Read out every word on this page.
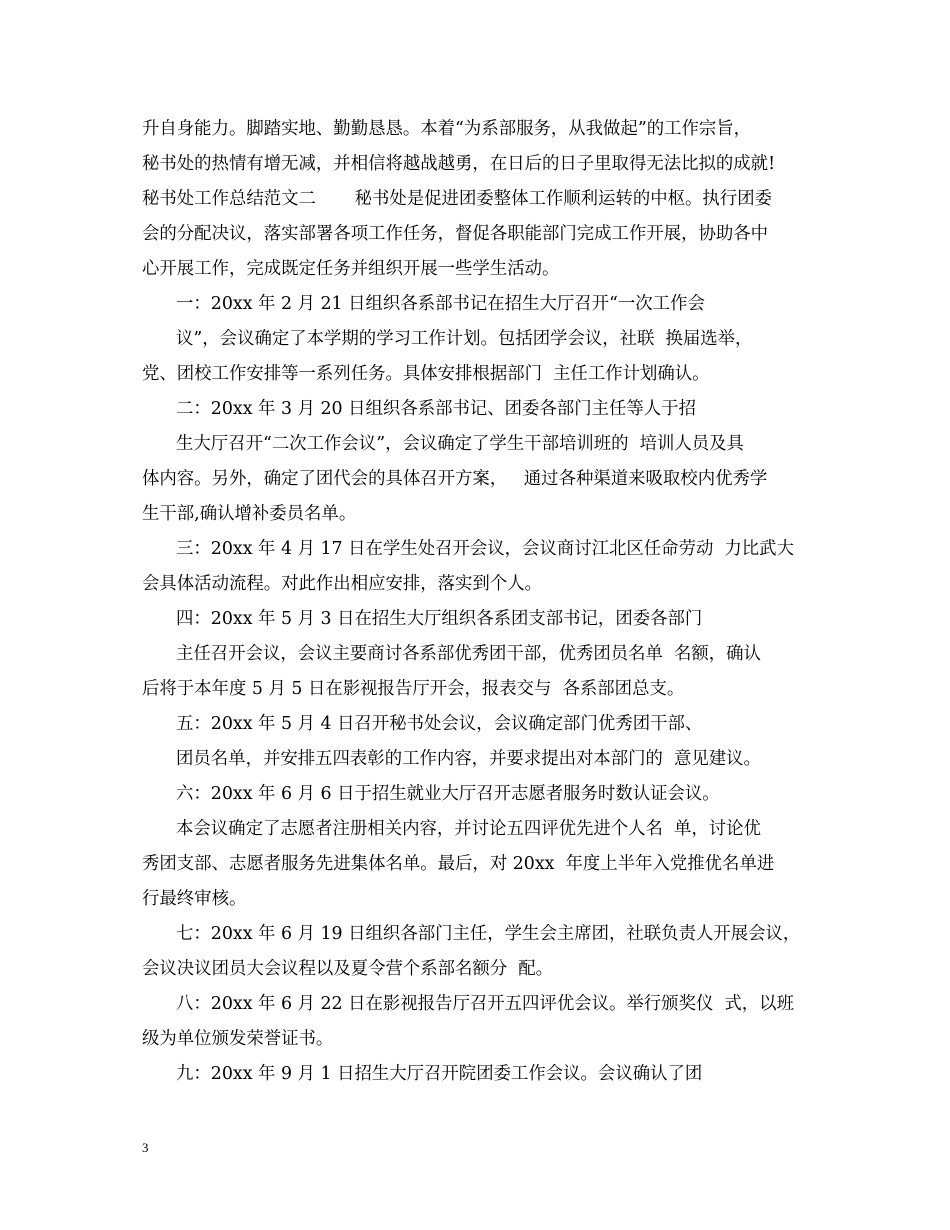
升自身能力。脚踏实地、勤勤恳恳。本着“为系部服务，从我做起”的工作宗旨，
秘书处的热情有增无减，并相信将越战越勇，在日后的日子里取得无法比拟的成就!
秘书处工作总结范文二       秘书处是促进团委整体工作顺利运转的中枢。执行团委
会的分配决议，落实部署各项工作任务，督促各职能部门完成工作开展，协助各中
心开展工作，完成既定任务并组织开展一些学生活动。
一：20xx 年 2 月 21 日组织各系部书记在招生大厅召开“一次工作会
议”，会议确定了本学期的学习工作计划。包括团学会议，社联  换届选举，
党、团校工作安排等一系列任务。具体安排根据部门  主任工作计划确认。
二：20xx 年 3 月 20 日组织各系部书记、团委各部门主任等人于招
生大厅召开“二次工作会议”，会议确定了学生干部培训班的  培训人员及具
体内容。另外，确定了团代会的具体召开方案，   通过各种渠道来吸取校内优秀学
生干部,确认增补委员名单。
三：20xx 年 4 月 17 日在学生处召开会议，会议商讨江北区任命劳动  力比武大
会具体活动流程。对此作出相应安排，落实到个人。
四：20xx 年 5 月 3 日在招生大厅组织各系团支部书记，团委各部门
主任召开会议，会议主要商讨各系部优秀团干部，优秀团员名单  名额，确认
后将于本年度 5 月 5 日在影视报告厅开会，报表交与  各系部团总支。
五：20xx 年 5 月 4 日召开秘书处会议，会议确定部门优秀团干部、
团员名单，并安排五四表彰的工作内容，并要求提出对本部门的  意见建议。
六：20xx 年 6 月 6 日于招生就业大厅召开志愿者服务时数认证会议。
本会议确定了志愿者注册相关内容，并讨论五四评优先进个人名  单，讨论优
秀团支部、志愿者服务先进集体名单。最后，对 20xx  年度上半年入党推优名单进
行最终审核。
七：20xx 年 6 月 19 日组织各部门主任，学生会主席团，社联负责人开展会议，
会议决议团员大会议程以及夏令营个系部名额分  配。
八：20xx 年 6 月 22 日在影视报告厅召开五四评优会议。举行颁奖仪  式，以班
级为单位颁发荣誉证书。
九：20xx 年 9 月 1 日招生大厅召开院团委工作会议。会议确认了团
3
